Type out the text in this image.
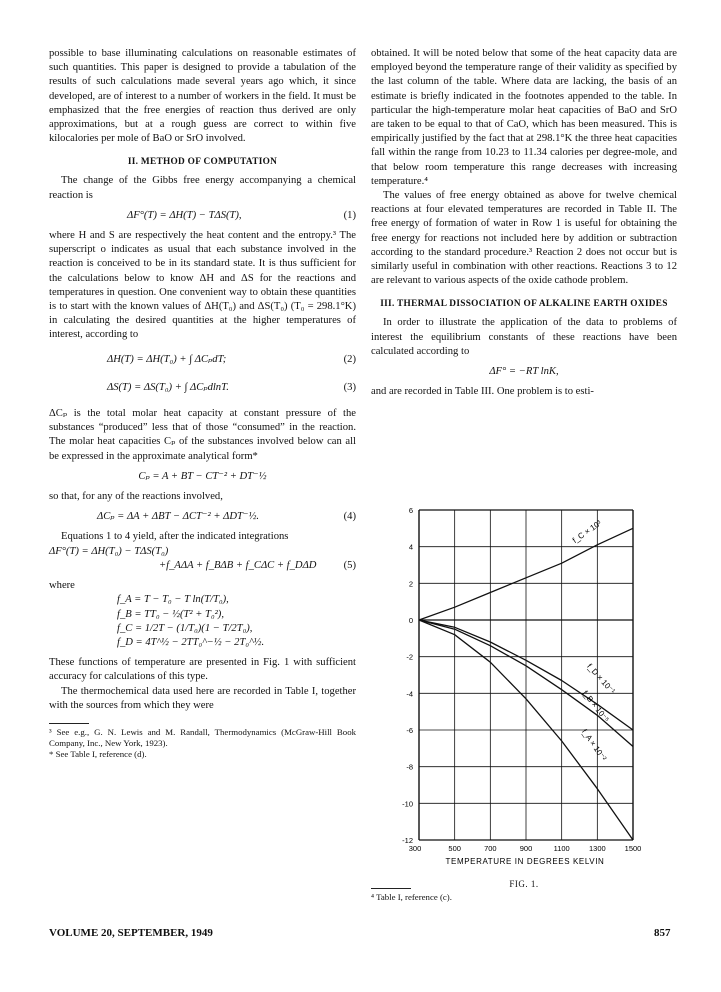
possible to base illuminating calculations on reasonable estimates of such quantities. This paper is designed to provide a tabulation of the results of such calculations made several years ago which, it since developed, are of interest to a number of workers in the field. It must be emphasized that the free energies of reaction thus derived are only approximations, but at a rough guess are correct to within five kilocalories per mole of BaO or SrO involved.

II. METHOD OF COMPUTATION

The change of the Gibbs free energy accompanying a chemical reaction is

ΔF°(T) = ΔH(T) − TΔS(T),	(1)

where H and S are respectively the heat content and the entropy.³ The superscript o indicates as usual that each substance involved in the reaction is conceived to be in its standard state. It is thus sufficient for the calculations below to know ΔH and ΔS for the reactions and temperatures in question. One convenient way to obtain these quantities is to start with the known values of ΔH(T₀) and ΔS(T₀) (T₀ = 298.1°K) in calculating the desired quantities at the higher temperatures of interest, according to

ΔH(T) = ΔH(T₀) + ∫ ΔCₚdT;	(2)
ΔS(T) = ΔS(T₀) + ∫ ΔCₚdlnT.	(3)

ΔCₚ is the total molar heat capacity at constant pressure of the substances “produced” less that of those “consumed” in the reaction. The molar heat capacities Cₚ of the substances involved below can all be expressed in the approximate analytical form*

Cₚ = A + BT − CT⁻² + DT⁻½

so that, for any of the reactions involved,

ΔCₚ = ΔA + ΔBT − ΔCT⁻² + ΔDT⁻½.	(4)

Equations 1 to 4 yield, after the indicated integrations

ΔF°(T) = ΔH(T₀) − TΔS(T₀)
+f_AΔA + f_BΔB + f_CΔC + f_DΔD	(5)

where

f_A = T − T₀ − T ln(T/T₀),
f_B = TT₀ − ½(T² + T₀²),
f_C = 1/2T − (1/T₀)(1 − T/2T₀),
f_D = 4T^½ − 2TT₀^−½ − 2T₀^½.

These functions of temperature are presented in Fig. 1 with sufficient accuracy for calculations of this type.

The thermochemical data used here are recorded in Table I, together with the sources from which they were

³ See e.g., G. N. Lewis and M. Randall, Thermodynamics (McGraw-Hill Book Company, Inc., New York, 1923).

* See Table I, reference (d).

obtained. It will be noted below that some of the heat capacity data are employed beyond the temperature range of their validity as specified by the last column of the table. Where data are lacking, the basis of an estimate is briefly indicated in the footnotes appended to the table. In particular the high-temperature molar heat capacities of BaO and SrO are taken to be equal to that of CaO, which has been measured. This is empirically justified by the fact that at 298.1°K the three heat capacities fall within the range from 10.23 to 11.34 calories per degree-mole, and that below room temperature this range decreases with increasing temperature.⁴

The values of free energy obtained as above for twelve chemical reactions at four elevated temperatures are recorded in Table II. The free energy of formation of water in Row 1 is useful for obtaining the free energy for reactions not included here by addition or subtraction according to the standard procedure.³ Reaction 2 does not occur but is similarly useful in combination with other reactions. Reactions 3 to 12 are relevant to various aspects of the oxide cathode problem.

III. THERMAL DISSOCIATION OF ALKALINE EARTH OXIDES

In order to illustrate the application of the data to problems of interest the equilibrium constants of these reactions have been calculated according to

ΔF° = −RT lnK,

and are recorded in Table III. One problem is to esti-

6
4
2
0
-2
-4
-6
-8
-10
-12
300	500	700	900	1100	1300	1500
f_C × 10³
f_D × 10⁻¹
f_B × 10⁻⁵
f_A × 10⁻²
TEMPERATURE IN DEGREES KELVIN
FIG. 1.

⁴ Table I, reference (c).

VOLUME 20, SEPTEMBER, 1949	857
